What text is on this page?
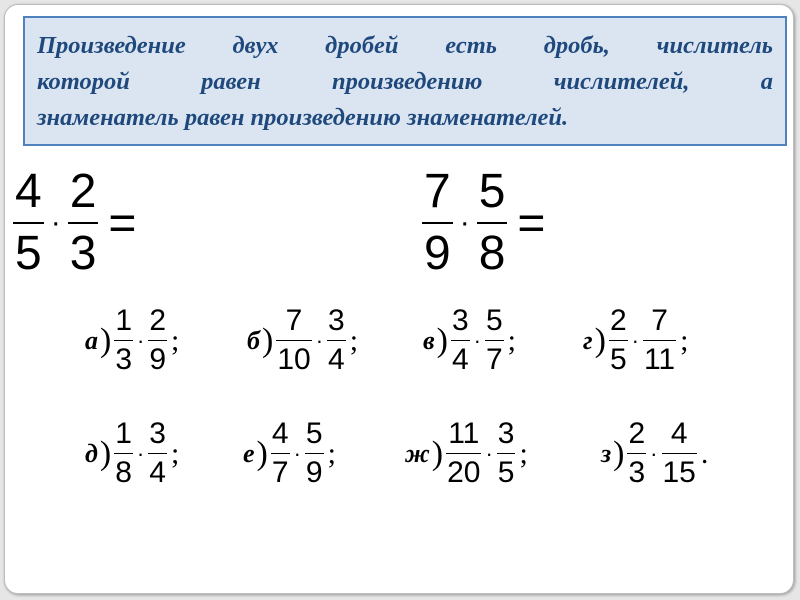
Произведение двух дробей есть дробь, числитель
которой равен произведению числителей, а
знаменатель равен произведению знаменателей.
$\frac{4}{5} \cdot \frac{2}{3}$ =	$\frac{7}{9} \cdot \frac{5}{8}$ =
$а) \frac{1}{3} \cdot \frac{2}{9}$ ;	$б) \frac{7}{10} \cdot \frac{3}{4}$ ; $в) \frac{3}{4} \cdot \frac{5}{7}$ ;	$г) \frac{2}{5} \cdot \frac{7}{11}$ ;
$д) \frac{1}{8} \cdot \frac{3}{4}$ ; $е) \frac{4}{7} \cdot \frac{5}{9}$ ;	$ж) \frac{11}{20} \cdot \frac{3}{5}$ ;	$з) \frac{2}{3} \cdot \frac{4}{15}$ .
